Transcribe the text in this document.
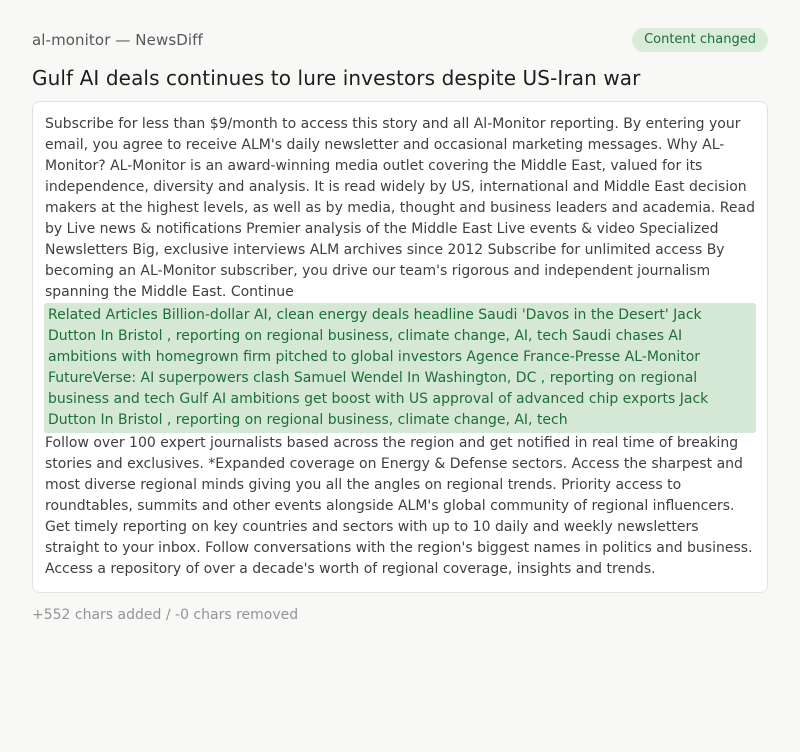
al-monitor — NewsDiff	Content changed
Gulf AI deals continues to lure investors despite US-Iran war

Subscribe for less than $9/month to access this story and all Al-Monitor reporting. By entering your email, you agree to receive ALM's daily newsletter and occasional marketing messages. Why AL-Monitor? AL-Monitor is an award-winning media outlet covering the Middle East, valued for its independence, diversity and analysis. It is read widely by US, international and Middle East decision makers at the highest levels, as well as by media, thought and business leaders and academia. Read by Live news & notifications Premier analysis of the Middle East Live events & video Specialized Newsletters Big, exclusive interviews ALM archives since 2012 Subscribe for unlimited access By becoming an AL-Monitor subscriber, you drive our team's rigorous and independent journalism spanning the Middle East. Continue

Related Articles Billion-dollar AI, clean energy deals headline Saudi 'Davos in the Desert' Jack Dutton In Bristol , reporting on regional business, climate change, AI, tech Saudi chases AI ambitions with homegrown firm pitched to global investors Agence France-Presse AL-Monitor FutureVerse: AI superpowers clash Samuel Wendel In Washington, DC , reporting on regional business and tech Gulf AI ambitions get boost with US approval of advanced chip exports Jack Dutton In Bristol , reporting on regional business, climate change, AI, tech

Follow over 100 expert journalists based across the region and get notified in real time of breaking stories and exclusives. *Expanded coverage on Energy & Defense sectors. Access the sharpest and most diverse regional minds giving you all the angles on regional trends. Priority access to roundtables, summits and other events alongside ALM's global community of regional influencers. Get timely reporting on key countries and sectors with up to 10 daily and weekly newsletters straight to your inbox. Follow conversations with the region's biggest names in politics and business. Access a repository of over a decade's worth of regional coverage, insights and trends.

+552 chars added / -0 chars removed
